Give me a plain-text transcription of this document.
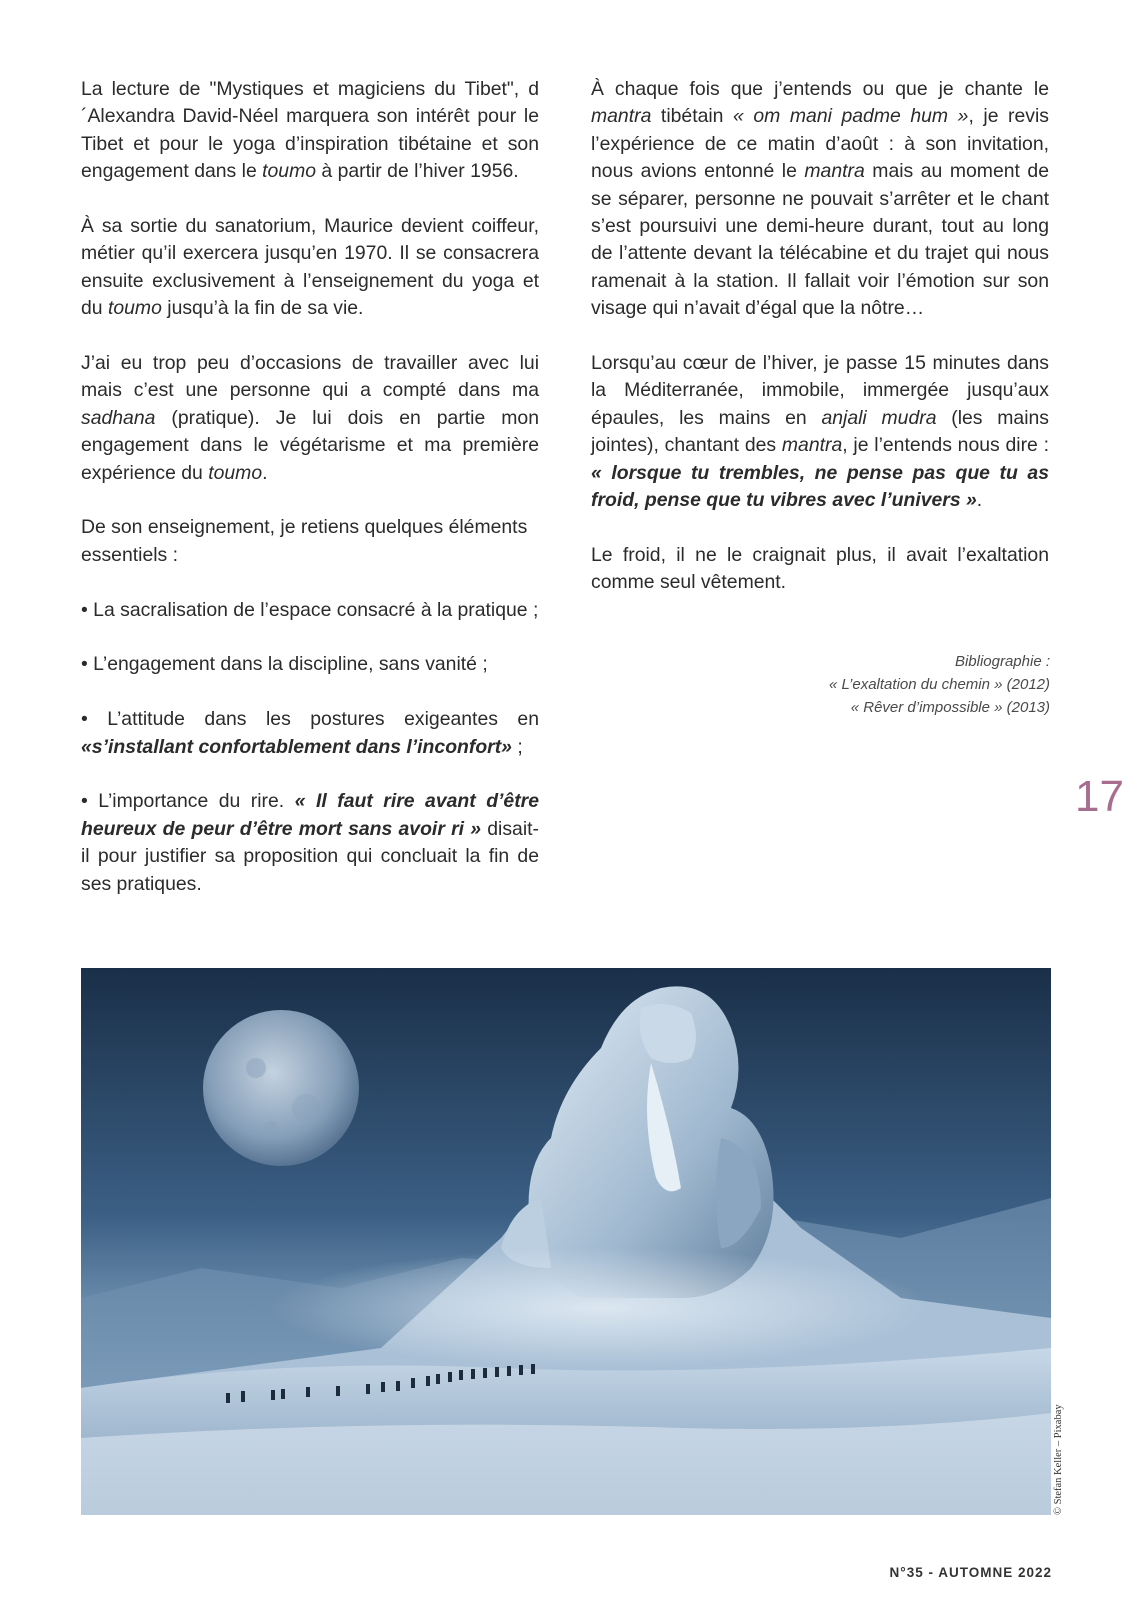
La lecture de "Mystiques et magiciens du Tibet", d´Alexandra David-Néel marquera son intérêt pour le Tibet et pour le yoga d’inspiration tibétaine et son engagement dans le toumo à partir de l’hiver 1956.

À sa sortie du sanatorium, Maurice devient coiffeur, métier qu’il exercera jusqu’en 1970. Il se consacrera ensuite exclusivement à l’enseignement du yoga et du toumo jusqu’à la fin de sa vie.

J’ai eu trop peu d’occasions de travailler avec lui mais c’est une personne qui a compté dans ma sadhana (pratique). Je lui dois en partie mon engagement dans le végétarisme et ma première expérience du toumo.

De son enseignement, je retiens quelques éléments essentiels :

• La sacralisation de l’espace consacré à la pratique ;

• L’engagement dans la discipline, sans vanité ;

• L’attitude dans les postures exigeantes en «s’installant confortablement dans l’inconfort» ;

• L’importance du rire. « Il faut rire avant d’être heureux de peur d’être mort sans avoir ri » disait-il pour justifier sa proposition qui concluait la fin de ses pratiques.

À chaque fois que j’entends ou que je chante le mantra tibétain « om mani padme hum », je revis l’expérience de ce matin d’août : à son invitation, nous avions entonné le mantra mais au moment de se séparer, personne ne pouvait s’arrêter et le chant s’est poursuivi une demi-heure durant, tout au long de l’attente devant la télécabine et du trajet qui nous ramenait à la station. Il fallait voir l’émotion sur son visage qui n’avait d’égal que la nôtre…

Lorsqu’au cœur de l’hiver, je passe 15 minutes dans la Méditerranée, immobile, immergée jusqu’aux épaules, les mains en anjali mudra (les mains jointes), chantant des mantra, je l’entends nous dire : « lorsque tu trembles, ne pense pas que tu as froid, pense que tu vibres avec l’univers ».

Le froid, il ne le craignait plus, il avait l’exaltation comme seul vêtement.

Bibliographie :
« L’exaltation du chemin » (2012)
« Rêver d’impossible » (2013)
17
© Stefan Keller – Pixabay
N°35 - AUTOMNE 2022
